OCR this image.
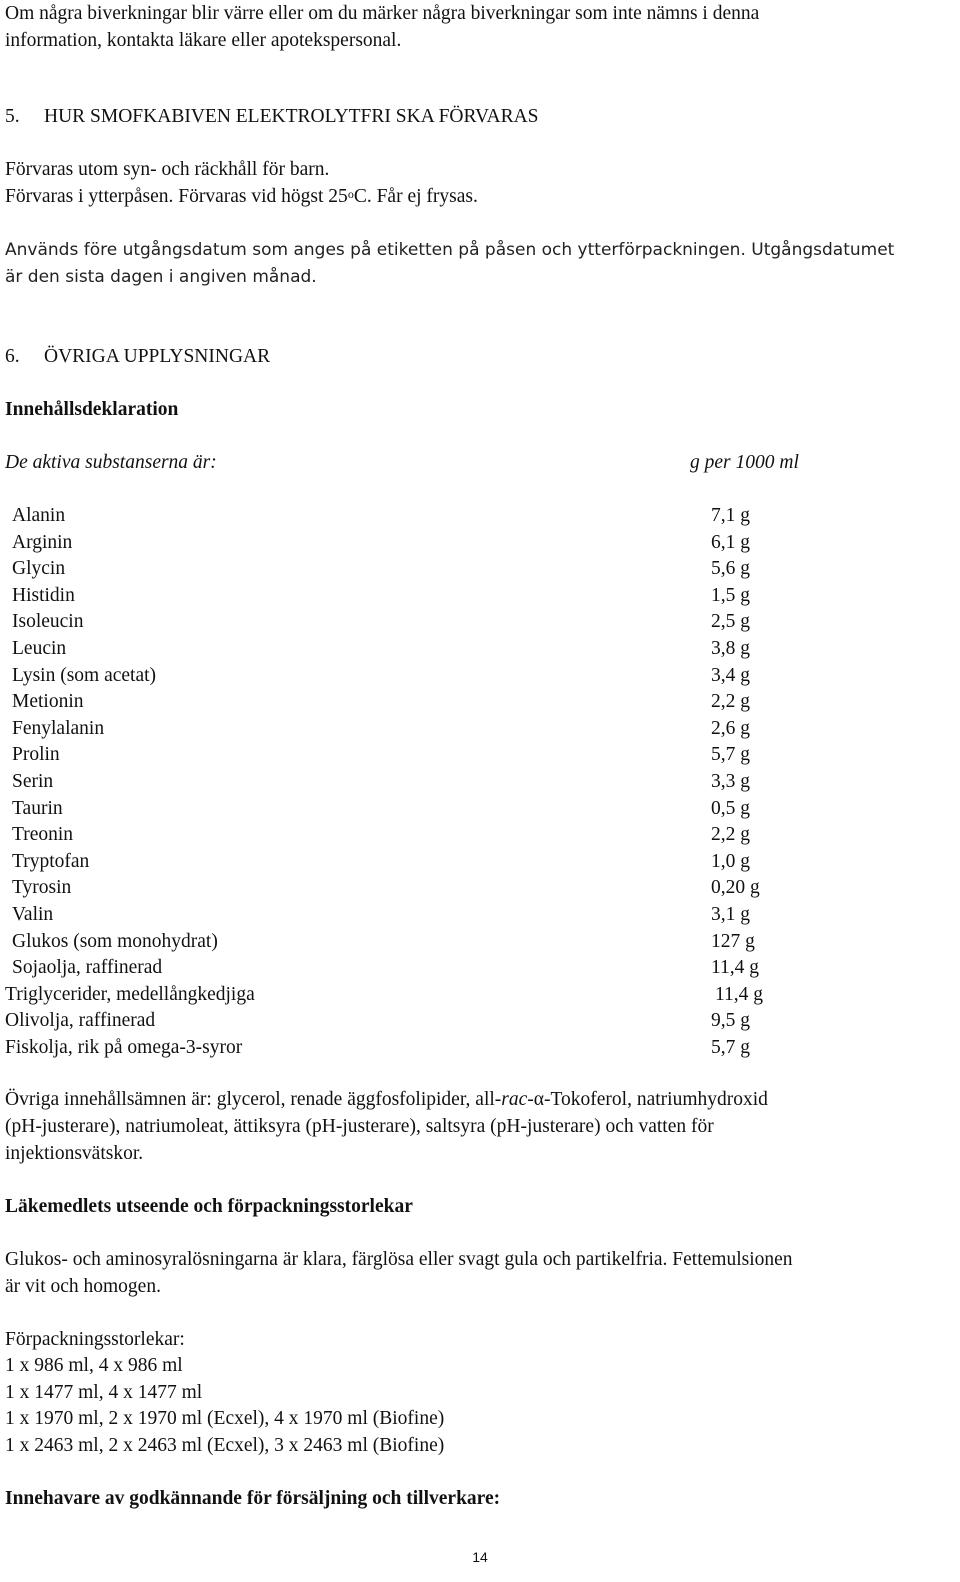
Om några biverkningar blir värre eller om du märker några biverkningar som inte nämns i denna
information, kontakta läkare eller apotekspersonal.
5.     HUR SMOFKABIVEN ELEKTROLYTFRI SKA FÖRVARAS
Förvaras utom syn- och räckhåll för barn.
Förvaras i ytterpåsen. Förvaras vid högst 25$^o$C. Får ej frysas.
Används före utgångsdatum som anges på etiketten på påsen och ytterförpackningen. Utgångsdatumet
är den sista dagen i angiven månad.
6.     ÖVRIGA UPPLYSNINGAR
Innehållsdeklaration
De aktiva substanserna är:	g per 1000 ml
Alanin	7,1 g
Arginin	6,1 g
Glycin	5,6 g
Histidin	1,5 g
Isoleucin	2,5 g
Leucin	3,8 g
Lysin (som acetat)	3,4 g
Metionin	2,2 g
Fenylalanin	2,6 g
Prolin	5,7 g
Serin	3,3 g
Taurin	0,5 g
Treonin	2,2 g
Tryptofan	1,0 g
Tyrosin	0,20 g
Valin	3,1 g
Glukos (som monohydrat)	127 g
Sojaolja, raffinerad	11,4 g
Triglycerider, medellångkedjiga	11,4 g
Olivolja, raffinerad	9,5 g
Fiskolja, rik på omega-3-syror	5,7 g
Övriga innehållsämnen är: glycerol, renade äggfosfolipider, all-rac-α-Tokoferol, natriumhydroxid
(pH-justerare), natriumoleat, ättiksyra (pH-justerare), saltsyra (pH-justerare) och vatten för
injektionsvätskor.
Läkemedlets utseende och förpackningsstorlekar
Glukos- och aminosyralösningarna är klara, färglösa eller svagt gula och partikelfria. Fettemulsionen
är vit och homogen.
Förpackningsstorlekar:
1 x 986 ml, 4 x 986 ml
1 x 1477 ml, 4 x 1477 ml
1 x 1970 ml, 2 x 1970 ml (Ecxel), 4 x 1970 ml (Biofine)
1 x 2463 ml, 2 x 2463 ml (Ecxel), 3 x 2463 ml (Biofine)
Innehavare av godkännande för försäljning och tillverkare:
14
